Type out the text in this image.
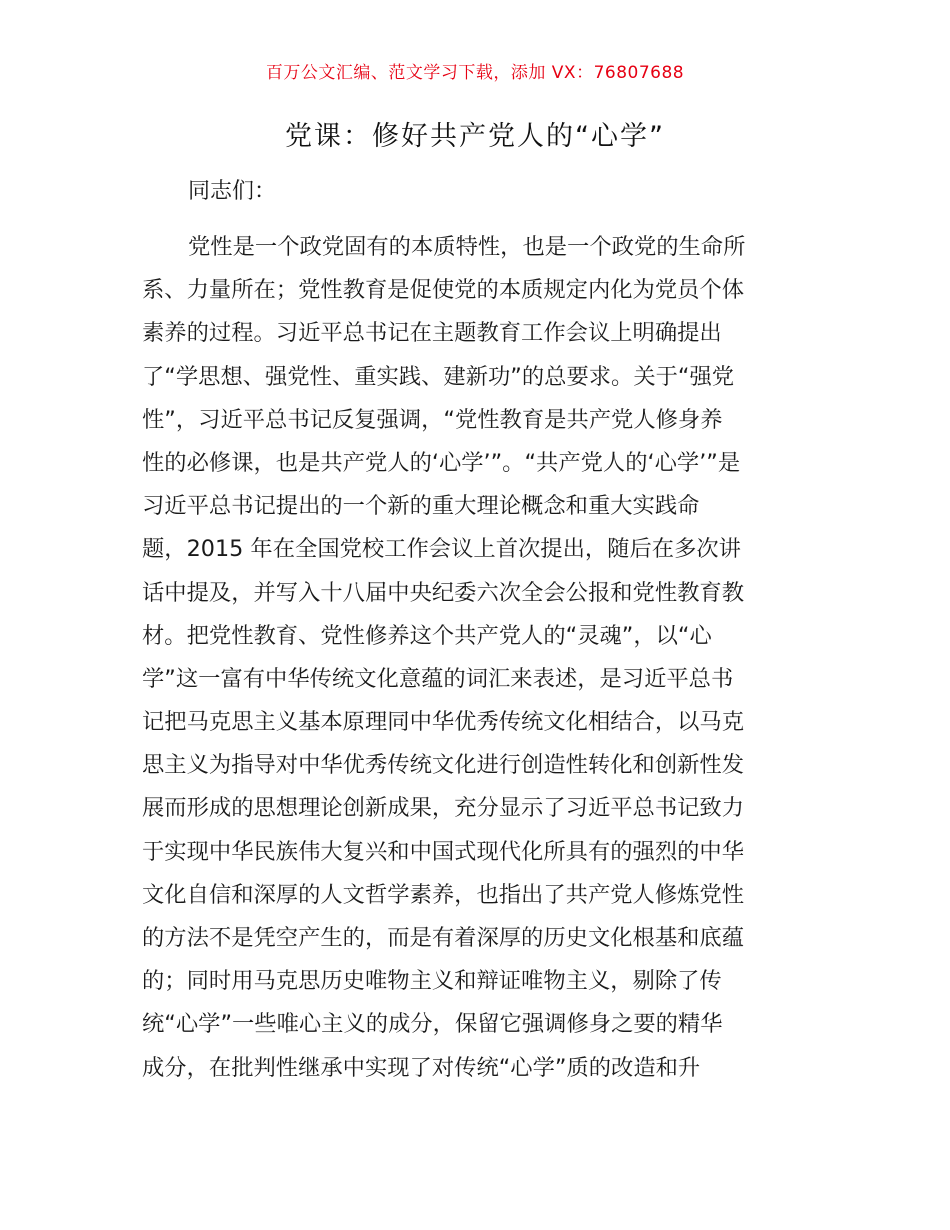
百万公文汇编、范文学习下载，添加 VX：76807688
党课：修好共产党人的“心学”
同志们：
党性是一个政党固有的本质特性，也是一个政党的生命所
系、力量所在；党性教育是促使党的本质规定内化为党员个体
素养的过程。习近平总书记在主题教育工作会议上明确提出
了“学思想、强党性、重实践、建新功”的总要求。关于“强党
性”，习近平总书记反复强调，“党性教育是共产党人修身养
性的必修课，也是共产党人的‘心学’”。“共产党人的‘心学’”是
习近平总书记提出的一个新的重大理论概念和重大实践命
题，2015 年在全国党校工作会议上首次提出，随后在多次讲
话中提及，并写入十八届中央纪委六次全会公报和党性教育教
材。把党性教育、党性修养这个共产党人的“灵魂”，以“心
学”这一富有中华传统文化意蕴的词汇来表述，是习近平总书
记把马克思主义基本原理同中华优秀传统文化相结合，以马克
思主义为指导对中华优秀传统文化进行创造性转化和创新性发
展而形成的思想理论创新成果，充分显示了习近平总书记致力
于实现中华民族伟大复兴和中国式现代化所具有的强烈的中华
文化自信和深厚的人文哲学素养，也指出了共产党人修炼党性
的方法不是凭空产生的，而是有着深厚的历史文化根基和底蕴
的；同时用马克思历史唯物主义和辩证唯物主义，剔除了传
统“心学”一些唯心主义的成分，保留它强调修身之要的精华
成分，在批判性继承中实现了对传统“心学”质的改造和升
